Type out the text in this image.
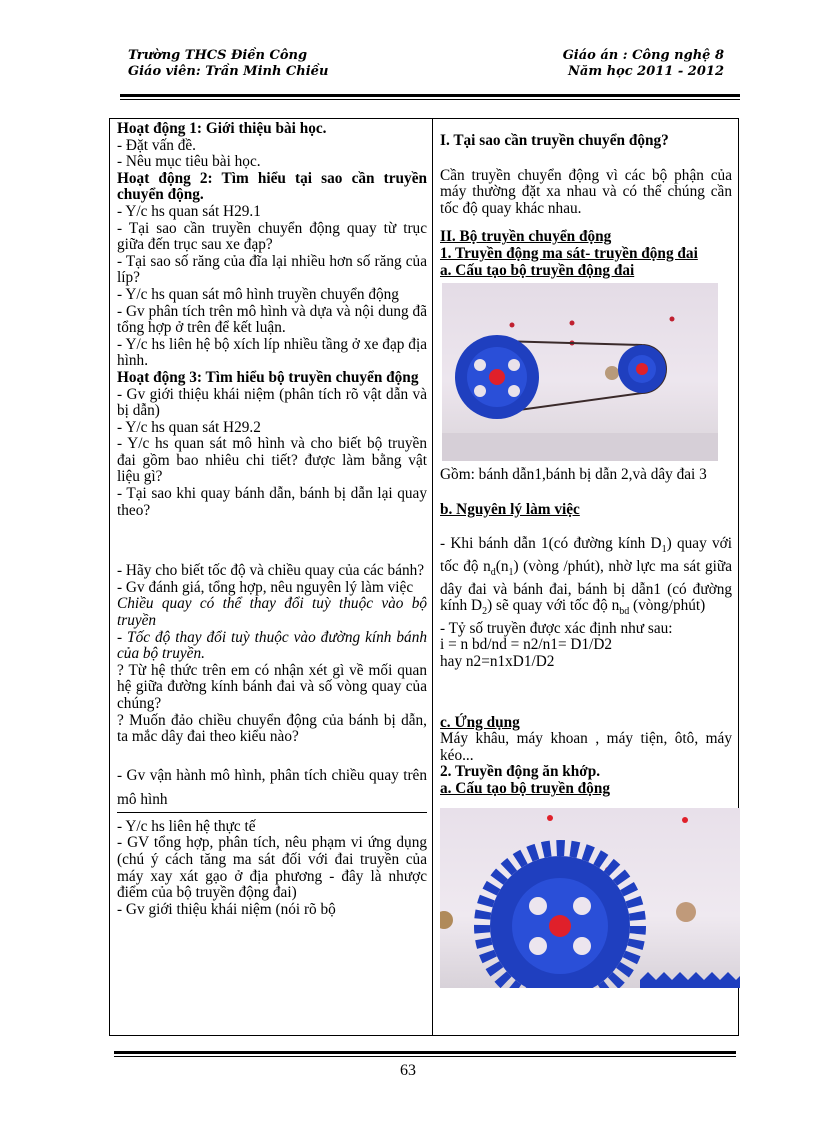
Trường THCS Điền Công
Giáo viên: Trần Minh Chiều
Giáo án : Công nghệ 8
Năm học 2011 - 2012

Hoạt động 1: Giới thiệu bài học.

- Đặt vấn đề.

- Nêu mục tiêu bài học.

Hoạt động 2: Tìm hiểu tại sao cần truyền chuyển động.

- Y/c hs quan sát H29.1

- Tại sao cần truyền chuyển động quay từ trục giữa đến trục sau xe đạp?

- Tại sao số răng của đĩa lại nhiều hơn số răng của líp?

- Y/c hs quan sát mô hình truyền chuyển động

- Gv phân tích trên mô hình và dựa và nội dung đã tổng hợp ở trên để kết luận.

- Y/c hs liên hệ bộ xích líp nhiều tầng ở xe đạp địa hình.

Hoạt động 3: Tìm hiểu bộ truyền chuyển động

- Gv giới thiệu khái niệm (phân tích rõ vật dẫn và bị dẫn)

- Y/c hs quan sát H29.2

- Y/c hs quan sát mô hình và cho biết bộ truyền đai gồm bao nhiêu chi tiết? được làm bằng vật liệu gì?

- Tại sao khi quay bánh dẫn, bánh bị dẫn lại quay theo?

- Hãy cho biết tốc độ và chiều quay của các bánh?

- Gv đánh giá, tổng hợp, nêu nguyên lý làm việc

Chiều quay có thể thay đổi tuỳ thuộc vào bộ truyền

- Tốc độ thay đổi tuỳ thuộc vào đường kính bánh của bộ truyền.

? Từ hệ thức trên em có nhận xét gì về mối quan hệ giữa đường kính bánh đai và số vòng quay của chúng?

? Muốn đảo chiều chuyển động của bánh bị dẫn, ta mắc dây đai theo kiểu nào?

- Gv vận hành mô hình, phân tích chiều quay trên mô hình

- Y/c hs liên hệ thực tế

- GV tổng hợp, phân tích, nêu phạm vi ứng dụng (chú ý cách tăng ma sát đối với đai truyền của máy xay xát gạo ở địa phương - đây là nhược điểm của bộ truyền động đai)

- Gv giới thiệu khái niệm (nói rõ bộ

I. Tại sao cần truyền chuyển động?

Cần truyền chuyển động vì các bộ phận của máy thường đặt xa nhau và có thể chúng cần tốc độ quay khác nhau.

II. Bộ truyền chuyển động

1. Truyền động ma sát- truyền động đai

a. Cấu tạo bộ truyền động đai

Gồm: bánh dẫn1,bánh bị dẫn 2,và dây đai 3

b. Nguyên lý làm việc

- Khi bánh dẫn 1(có đường kính $D_1$) quay với tốc độ $n_d(n_1)$ (vòng /phút), nhờ lực ma sát giữa dây đai và bánh đai, bánh bị dẫn1 (có đường kính $D_2$) sẽ quay với tốc độ $n_{bd}$ (vòng/phút)

- Tỷ số truyền được xác định như sau:

i = n bd/nd = n2/n1= D1/D2

hay n2=n1xD1/D2

c. Ứng dụng

Máy khâu, máy khoan , máy tiện, ôtô, máy kéo...

2. Truyền động ăn khớp.

a. Cấu tạo bộ truyền động

63
